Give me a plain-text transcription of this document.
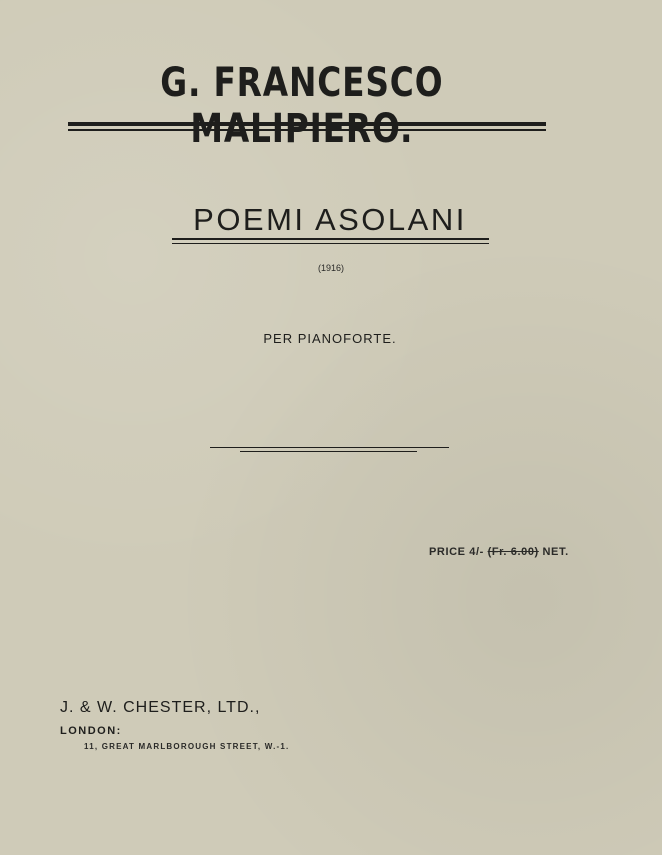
G. FRANCESCO
POEMI ASOLANI
(1916)
PER PIANOFORTE.
PRICE 4/- (Fr. 6.00) NET.
J. & W. CHESTER, LTD.,
LONDON:
11, GREAT MARLBOROUGH STREET, W.-1.
